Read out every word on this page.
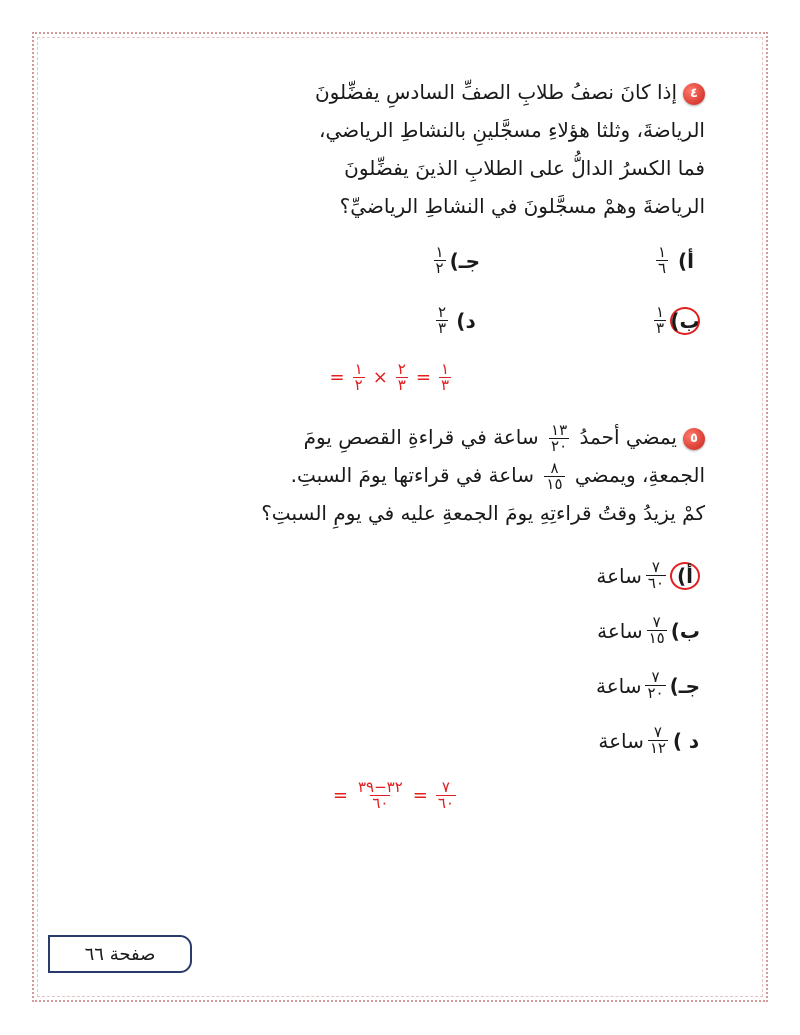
٤إذا كانَ نصفُ طلابِ الصفِّ السادسِ يفضِّلونَ
الرياضةَ، وثلثا هؤلاءِ مسجَّلينِ بالنشاطِ الرياضي،
فما الكسرُ الدالُّ على الطلابِ الذينَ يفضِّلونَ
الرياضةَ وهمْ مسجَّلونَ في النشاطِ الرياضيِّ؟
أ)
$\frac{١}{٦}$
جـ)
$\frac{١}{٢}$
ب)
$\frac{١}{٣}$
د)
$\frac{٢}{٣}$
$\frac{١}{٣}$
=
$\frac{٢}{٣}$
×
$\frac{١}{٢}$
=
٥يمضي أحمدُ
$\frac{١٣}{٢٠}$
ساعة في قراءةِ القصصِ يومَ
الجمعةِ، ويمضي
$\frac{٨}{١٥}$
ساعة في قراءتها يومَ السبتِ.
كمْ يزيدُ وقتُ قراءتِهِ يومَ الجمعةِ عليه في يومِ السبتِ؟
أ)
$\frac{٧}{٦٠}$
ساعة
ب)
$\frac{٧}{١٥}$
ساعة
جـ)
$\frac{٧}{٢٠}$
ساعة
د )
$\frac{٧}{١٢}$
ساعة
$\frac{٧}{٦٠}$
=
$\frac{٣٢-٣٩}{٦٠}$
=
صفحة ٦٦
